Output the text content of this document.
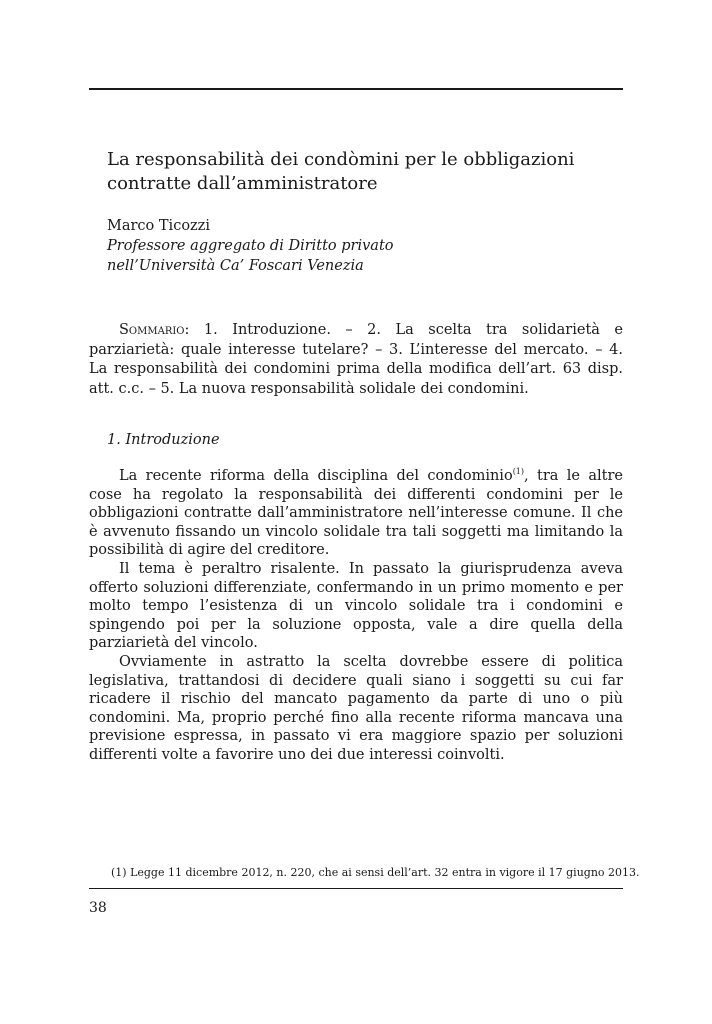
La responsabilità dei condòmini per le obbligazioni contratte dall’amministratore
Marco Ticozzi
Professore aggregato di Diritto privato
nell’Università Ca’ Foscari Venezia

Sommario: 1. Introduzione. – 2. La scelta tra solidarietà e parziarietà: quale interesse tutelare? – 3. L’interesse del mercato. – 4. La responsabilità dei condomini prima della modifica dell’art. 63 disp. att. c.c. – 5. La nuova responsabilità solidale dei condomini.

1. Introduzione

La recente riforma della disciplina del condominio$^{(1)}$, tra le altre cose ha regolato la responsabilità dei differenti condomini per le obbligazioni contratte dall’amministratore nell’interesse comune. Il che è avvenuto fissando un vincolo solidale tra tali soggetti ma limitando la possibilità di agire del creditore.

Il tema è peraltro risalente. In passato la giurisprudenza aveva offerto soluzioni differenziate, confermando in un primo momento e per molto tempo l’esistenza di un vincolo solidale tra i condomini e spingendo poi per la soluzione opposta, vale a dire quella della parziarietà del vincolo.

Ovviamente in astratto la scelta dovrebbe essere di politica legislativa, trattandosi di decidere quali siano i soggetti su cui far ricadere il rischio del mancato pagamento da parte di uno o più condomini. Ma, proprio perché fino alla recente riforma mancava una previsione espressa, in passato vi era maggiore spazio per soluzioni differenti volte a favorire uno dei due interessi coinvolti.

(1) Legge 11 dicembre 2012, n. 220, che ai sensi dell’art. 32 entra in vigore il 17 giugno 2013.

38
